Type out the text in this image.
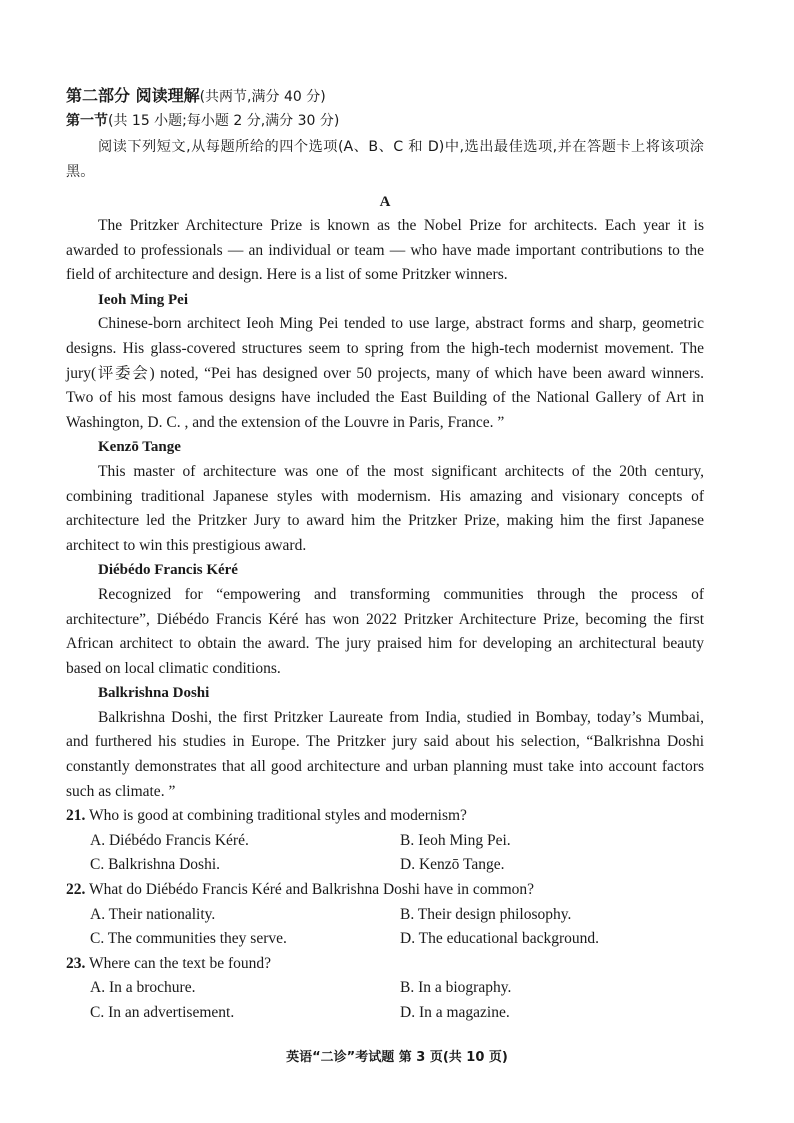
第二部分 阅读理解(共两节,满分 40 分)
第一节(共 15 小题;每小题 2 分,满分 30 分)

阅读下列短文,从每题所给的四个选项(A、B、C 和 D)中,选出最佳选项,并在答题卡上将该项涂黑。

A

The Pritzker Architecture Prize is known as the Nobel Prize for architects. Each year it is awarded to professionals — an individual or team — who have made important contributions to the field of architecture and design. Here is a list of some Pritzker winners.

Ieoh Ming Pei

Chinese-born architect Ieoh Ming Pei tended to use large, abstract forms and sharp, geometric designs. His glass-covered structures seem to spring from the high-tech modernist movement. The jury(评委会) noted, “Pei has designed over 50 projects, many of which have been award winners. Two of his most famous designs have included the East Building of the National Gallery of Art in Washington, D. C. , and the extension of the Louvre in Paris, France. ”

Kenzō Tange

This master of architecture was one of the most significant architects of the 20th century, combining traditional Japanese styles with modernism. His amazing and visionary concepts of architecture led the Pritzker Jury to award him the Pritzker Prize, making him the first Japanese architect to win this prestigious award.

Diébédo Francis Kéré

Recognized for “empowering and transforming communities through the process of architecture”, Diébédo Francis Kéré has won 2022 Pritzker Architecture Prize, becoming the first African architect to obtain the award. The jury praised him for developing an architectural beauty based on local climatic conditions.

Balkrishna Doshi

Balkrishna Doshi, the first Pritzker Laureate from India, studied in Bombay, today’s Mumbai, and furthered his studies in Europe. The Pritzker jury said about his selection, “Balkrishna Doshi constantly demonstrates that all good architecture and urban planning must take into account factors such as climate. ”

21. Who is good at combining traditional styles and modernism?
A. Diébédo Francis Kéré.	B. Ieoh Ming Pei.
C. Balkrishna Doshi.	D. Kenzō Tange.
22. What do Diébédo Francis Kéré and Balkrishna Doshi have in common?
A. Their nationality.	B. Their design philosophy.
C. The communities they serve.	D. The educational background.
23. Where can the text be found?
A. In a brochure.	B. In a biography.
C. In an advertisement.	D. In a magazine.
英语“二诊”考试题 第 3 页(共 10 页)
